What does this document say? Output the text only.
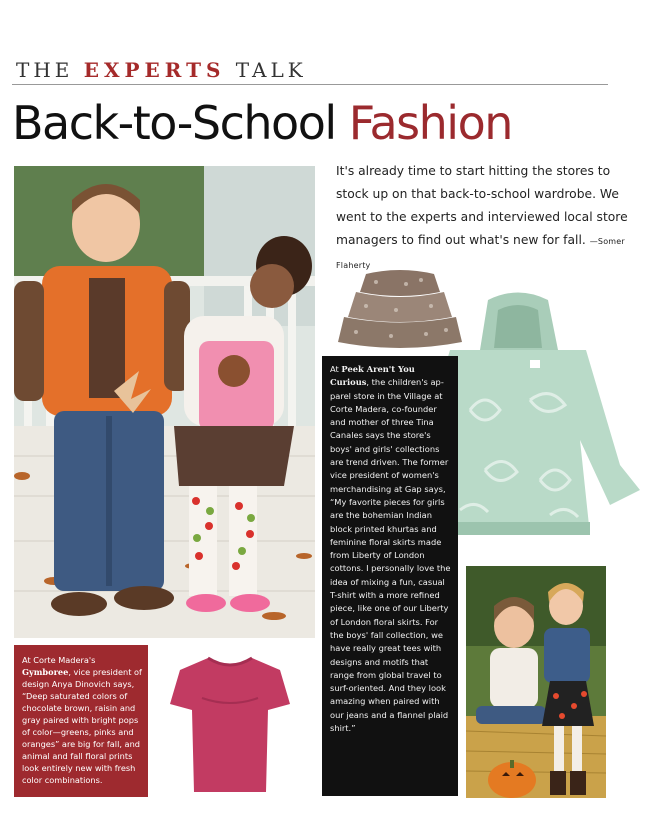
THE EXPERTS TALK
Back-to-School Fashion
It's already time to start hitting the stores to stock up on that back-to-school wardrobe. We went to the experts and interviewed local store managers to find out what's new for fall. —Somer Flaherty
At Peek Aren't You Curious, the children's ap-parel store in the Village at Corte Madera, co-founder and mother of three Tina Canales says the store's boys' and girls' collections are trend driven. The former vice president of women's merchandising at Gap says, “My favorite pieces for girls are the bohemian Indian block printed khurtas and feminine floral skirts made from Liberty of London cottons. I personally love the idea of mixing a fun, casual T-shirt with a more refined piece, like one of our Liberty of London floral skirts. For the boys' fall collection, we have really great tees with designs and motifs that range from global travel to surf-oriented. And they look amazing when paired with our jeans and a flannel plaid shirt.”
At Corte Madera's Gymboree, vice president of design Anya Dinovich says, “Deep saturated colors of chocolate brown, raisin and gray paired with bright pops of color—greens, pinks and oranges” are big for fall, and animal and fall floral prints look entirely new with fresh color combinations.
